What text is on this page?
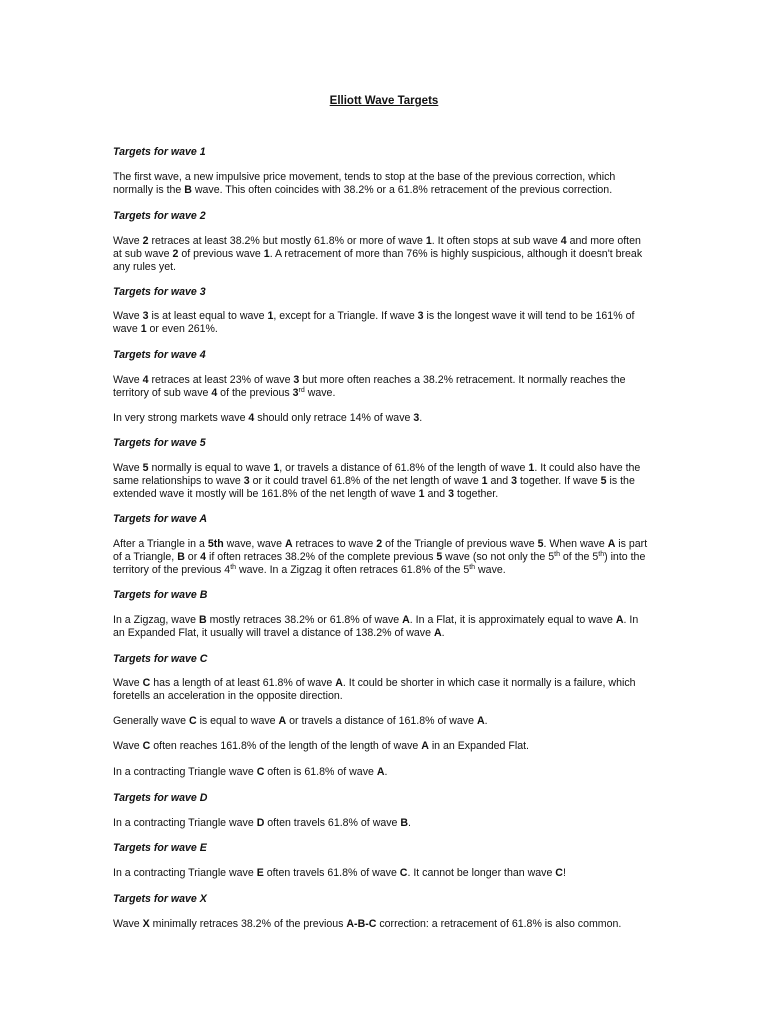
Elliott Wave Targets
Targets for wave 1
The first wave, a new impulsive price movement, tends to stop at the base of the previous correction, which
normally is the B wave. This often coincides with 38.2% or a 61.8% retracement of the previous correction.
Targets for wave 2
Wave 2 retraces at least 38.2% but mostly 61.8% or more of wave 1. It often stops at sub wave 4 and more often
at sub wave 2 of previous wave 1. A retracement of more than 76% is highly suspicious, although it doesn't break
any rules yet.
Targets for wave 3
Wave 3 is at least equal to wave 1, except for a Triangle. If wave 3 is the longest wave it will tend to be 161% of
wave 1 or even 261%.
Targets for wave 4
Wave 4 retraces at least 23% of wave 3 but more often reaches a 38.2% retracement. It normally reaches the
territory of sub wave 4 of the previous 3rd wave.
In very strong markets wave 4 should only retrace 14% of wave 3.
Targets for wave 5
Wave 5 normally is equal to wave 1, or travels a distance of 61.8% of the length of wave 1. It could also have the
same relationships to wave 3 or it could travel 61.8% of the net length of wave 1 and 3 together. If wave 5 is the
extended wave it mostly will be 161.8% of the net length of wave 1 and 3 together.
Targets for wave A
After a Triangle in a 5th wave, wave A retraces to wave 2 of the Triangle of previous wave 5. When wave A is part
of a Triangle, B or 4 if often retraces 38.2% of the complete previous 5 wave (so not only the 5th of the 5th) into the
territory of the previous 4th wave. In a Zigzag it often retraces 61.8% of the 5th wave.
Targets for wave B
In a Zigzag, wave B mostly retraces 38.2% or 61.8% of wave A. In a Flat, it is approximately equal to wave A. In
an Expanded Flat, it usually will travel a distance of 138.2% of wave A.
Targets for wave C
Wave C has a length of at least 61.8% of wave A. It could be shorter in which case it normally is a failure, which
foretells an acceleration in the opposite direction.
Generally wave C is equal to wave A or travels a distance of 161.8% of wave A.
Wave C often reaches 161.8% of the length of the length of wave A in an Expanded Flat.
In a contracting Triangle wave C often is 61.8% of wave A.
Targets for wave D
In a contracting Triangle wave D often travels 61.8% of wave B.
Targets for wave E
In a contracting Triangle wave E often travels 61.8% of wave C. It cannot be longer than wave C!
Targets for wave X
Wave X minimally retraces 38.2% of the previous A-B-C correction: a retracement of 61.8% is also common.
